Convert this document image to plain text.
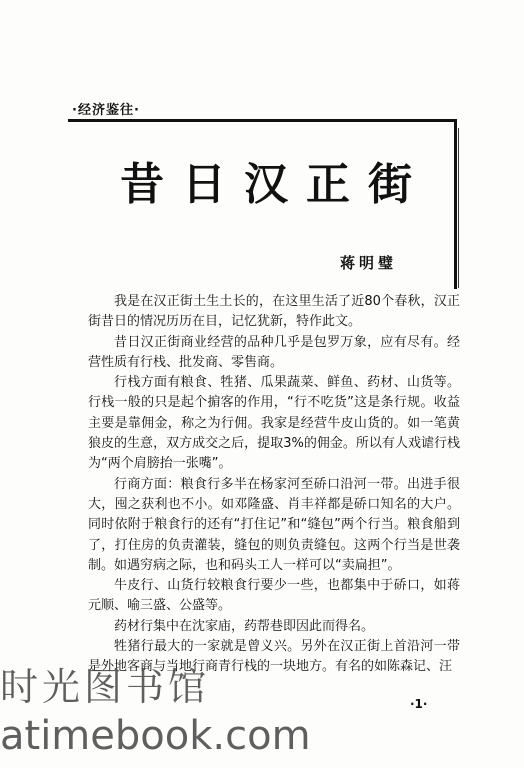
·经济鉴往·
昔日汉正街
蒋明璧

我是在汉正街土生土长的，在这里生活了近80个春秋，汉正街昔日的情况历历在目，记忆犹新，特作此文。

昔日汉正街商业经营的品种几乎是包罗万象，应有尽有。经营性质有行栈、批发商、零售商。

行栈方面有粮食、牲猪、瓜果蔬菜、鲜鱼、药材、山货等。行栈一般的只是起个掮客的作用，“行不吃货”这是条行规。收益主要是靠佣金，称之为行佣。我家是经营牛皮山货的。如一笔黄狼皮的生意，双方成交之后，提取3%的佣金。所以有人戏谑行栈为“两个肩膀抬一张嘴”。

行商方面：粮食行多半在杨家河至硚口沿河一带。出进手很大，囤之获利也不小。如邓隆盛、肖丰祥都是硚口知名的大户。同时依附于粮食行的还有“打住记”和“缝包”两个行当。粮食船到了，打住房的负责灌装，缝包的则负责缝包。这两个行当是世袭制。如遇穷病之际，也和码头工人一样可以“卖扁担”。

牛皮行、山货行较粮食行要少一些，也都集中于硚口，如蒋元顺、喻三盛、公盛等。

药材行集中在沈家庙，药帮巷即因此而得名。

牲猪行最大的一家就是曾义兴。另外在汉正街上首沿河一带是外地客商与当地行商青行栈的一块地方。有名的如陈森记、汪

·1·
时光图书馆
atimebook.com
